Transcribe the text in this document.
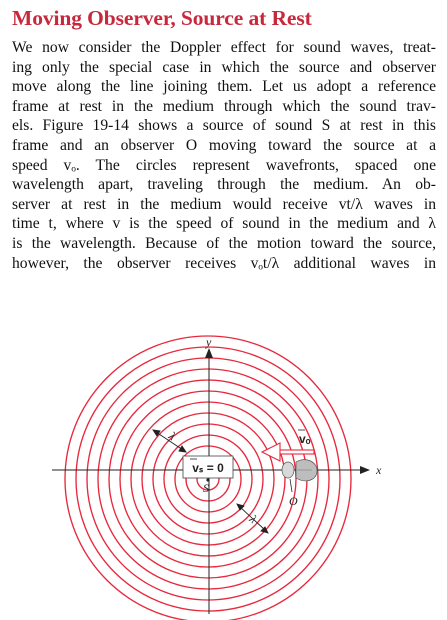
Moving Observer, Source at Rest
We now consider the Doppler effect for sound waves, treat-
ing only the special case in which the source and observer
move along the line joining them. Let us adopt a reference
frame at rest in the medium through which the sound trav-
els. Figure 19-14 shows a source of sound S at rest in this
frame and an observer O moving toward the source at a
speed vₒ. The circles represent wavefronts, spaced one
wavelength apart, traveling through the medium. An ob-
server at rest in the medium would receive vt/λ waves in
time t, where v is the speed of sound in the medium and λ
is the wavelength. Because of the motion toward the source,
however, the observer receives vₒt/λ additional waves in
y
x
vₛ = 0
S
λ
λ
vₒ
O
